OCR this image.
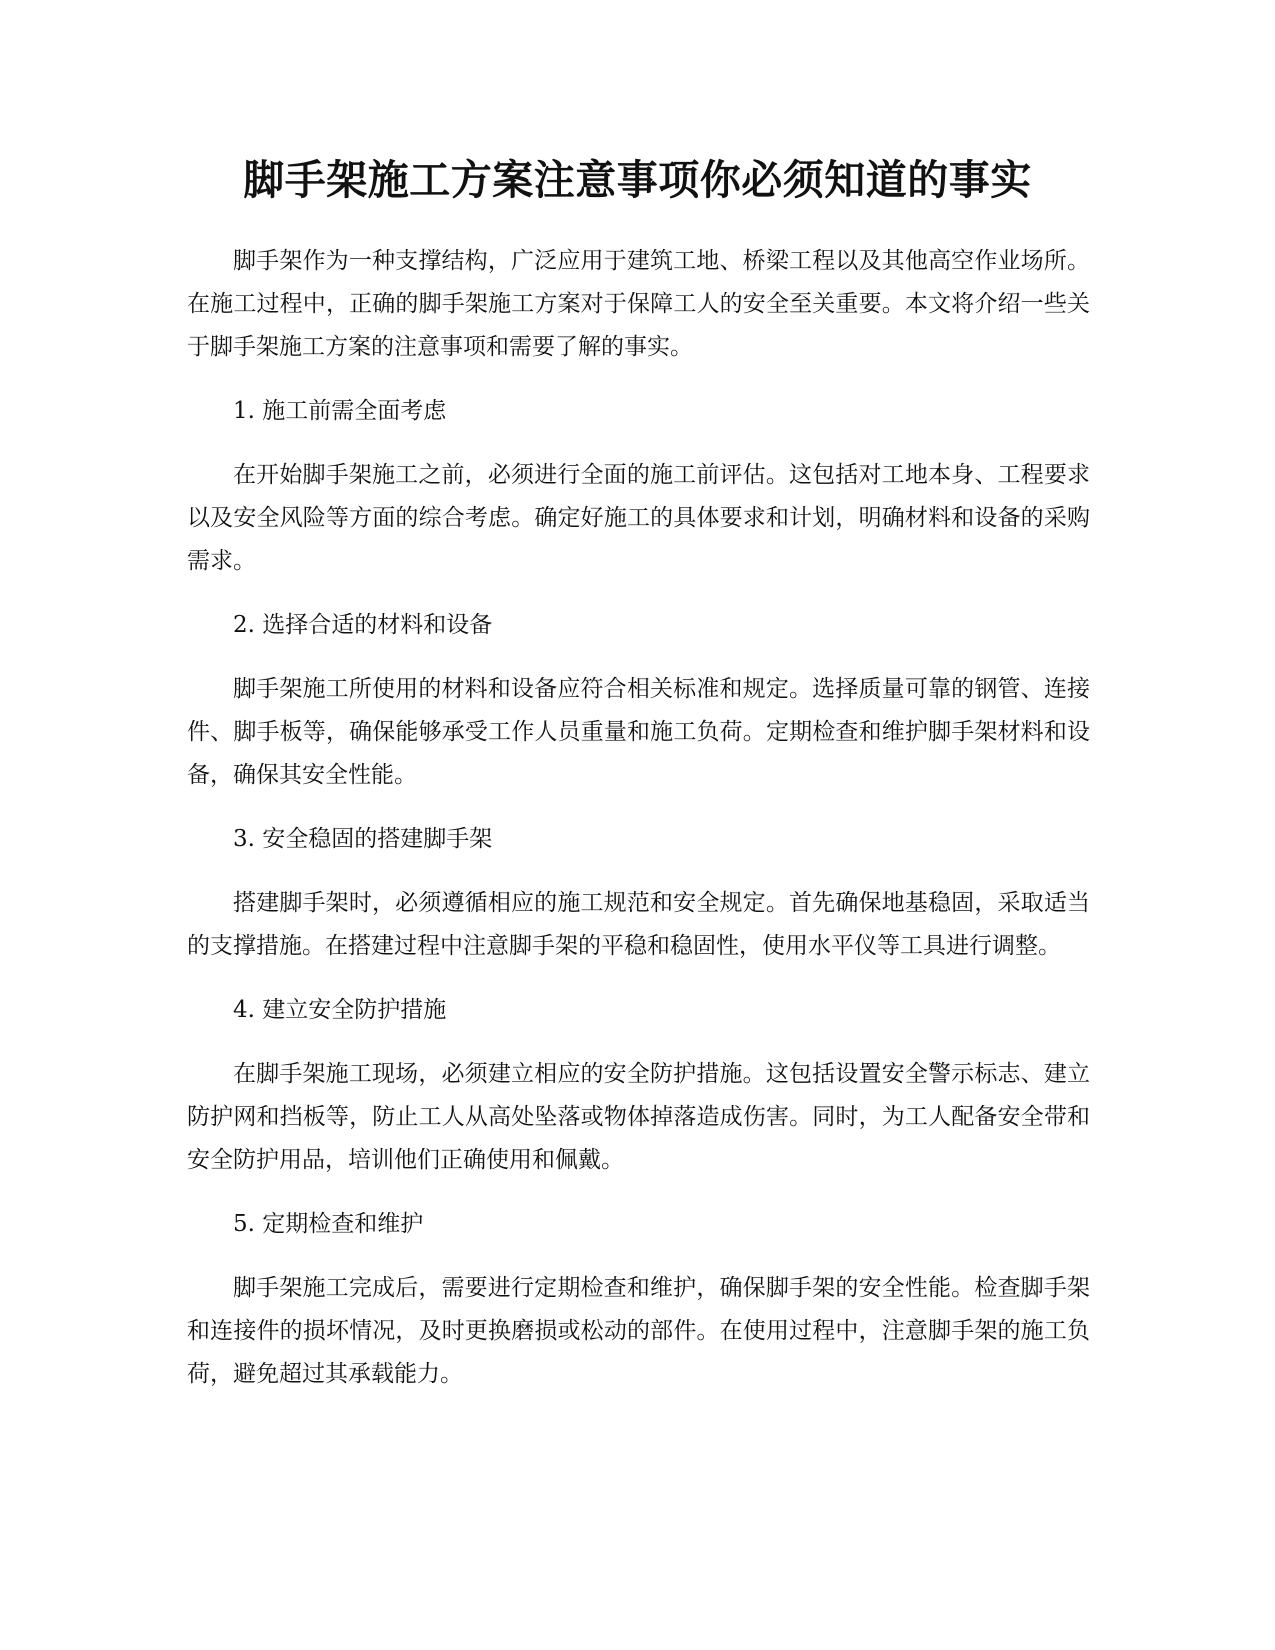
脚手架施工方案注意事项你必须知道的事实

脚手架作为一种支撑结构，广泛应用于建筑工地、桥梁工程以及其他高空作业场所。在施工过程中，正确的脚手架施工方案对于保障工人的安全至关重要。本文将介绍一些关于脚手架施工方案的注意事项和需要了解的事实。

1. 施工前需全面考虑

在开始脚手架施工之前，必须进行全面的施工前评估。这包括对工地本身、工程要求以及安全风险等方面的综合考虑。确定好施工的具体要求和计划，明确材料和设备的采购需求。

2. 选择合适的材料和设备

脚手架施工所使用的材料和设备应符合相关标准和规定。选择质量可靠的钢管、连接件、脚手板等，确保能够承受工作人员重量和施工负荷。定期检查和维护脚手架材料和设备，确保其安全性能。

3. 安全稳固的搭建脚手架

搭建脚手架时，必须遵循相应的施工规范和安全规定。首先确保地基稳固，采取适当的支撑措施。在搭建过程中注意脚手架的平稳和稳固性，使用水平仪等工具进行调整。

4. 建立安全防护措施

在脚手架施工现场，必须建立相应的安全防护措施。这包括设置安全警示标志、建立防护网和挡板等，防止工人从高处坠落或物体掉落造成伤害。同时，为工人配备安全带和安全防护用品，培训他们正确使用和佩戴。

5. 定期检查和维护

脚手架施工完成后，需要进行定期检查和维护，确保脚手架的安全性能。检查脚手架和连接件的损坏情况，及时更换磨损或松动的部件。在使用过程中，注意脚手架的施工负荷，避免超过其承载能力。
